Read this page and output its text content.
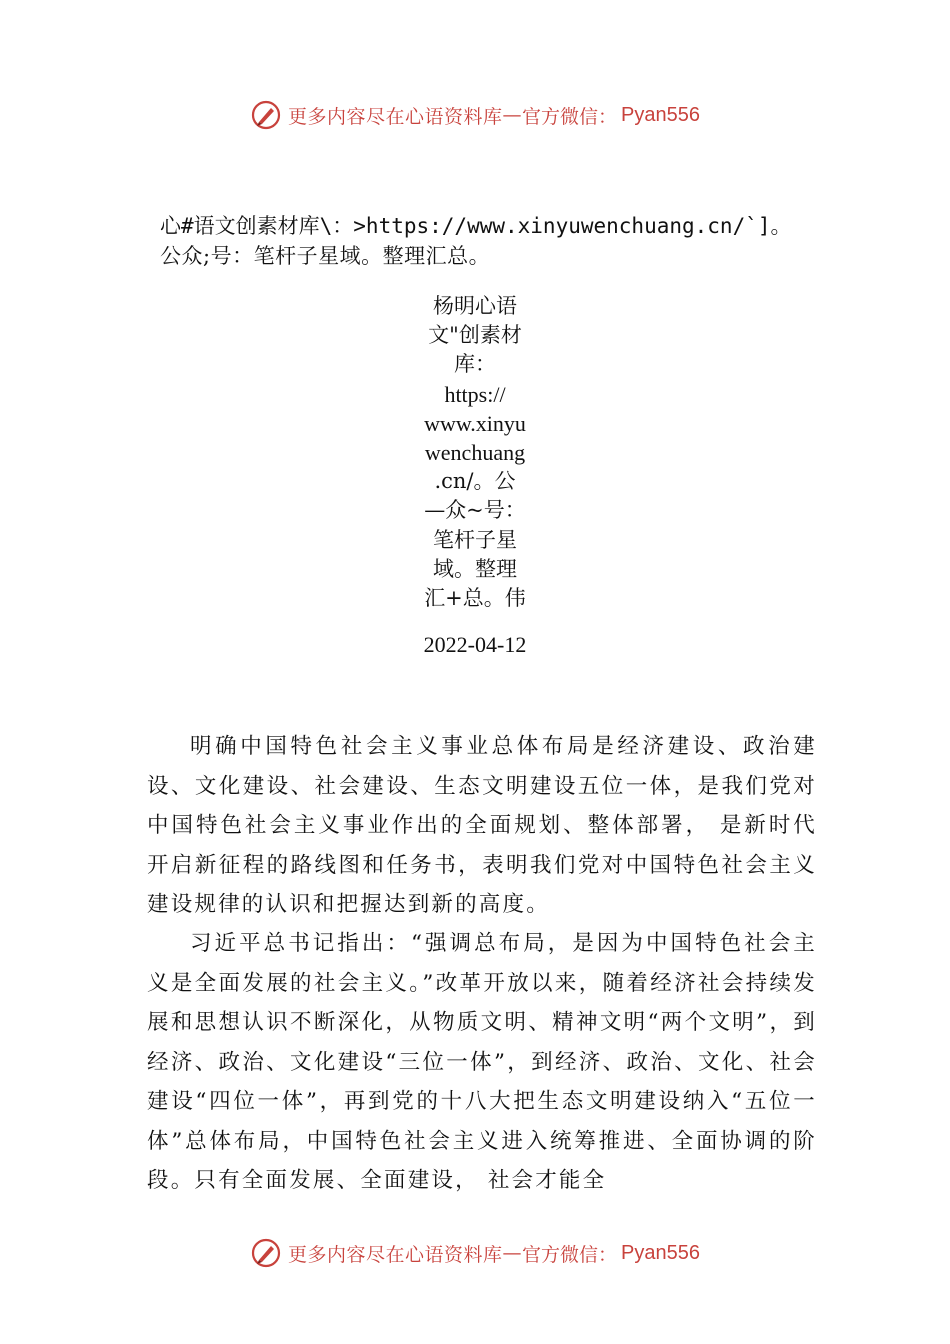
更多内容尽在心语资料库 — 官方微信： Pyan556
心#语文创素材库\：>https://www.xinyuwenchuang.cn/`]。
公众;号：笔杆子星域。整理汇总。
杨明心语
文"创素材
库：
https://
www.xinyu
wenchuang
.cn/。公
—众~号：
笔杆子星
域。整理
汇+总。伟
2022-04-12

明确中国特色社会主义事业总体布局是经济建设、政治建设、文化建设、社会建设、生态文明建设五位一体，是我们党对中国特色社会主义事业作出的全面规划、整体部署， 是新时代开启新征程的路线图和任务书，表明我们党对中国特色社会主义建设规律的认识和把握达到新的高度。

习近平总书记指出：“强调总布局，是因为中国特色社会主义是全面发展的社会主义。”改革开放以来，随着经济社会持续发展和思想认识不断深化，从物质文明、精神文明“两个文明”，到经济、政治、文化建设“三位一体”，到经济、政治、文化、社会建设“四位一体”，再到党的十八大把生态文明建设纳入“五位一体”总体布局，中国特色社会主义进入统筹推进、全面协调的阶段。只有全面发展、全面建设， 社会才能全

更多内容尽在心语资料库 — 官方微信： Pyan556
